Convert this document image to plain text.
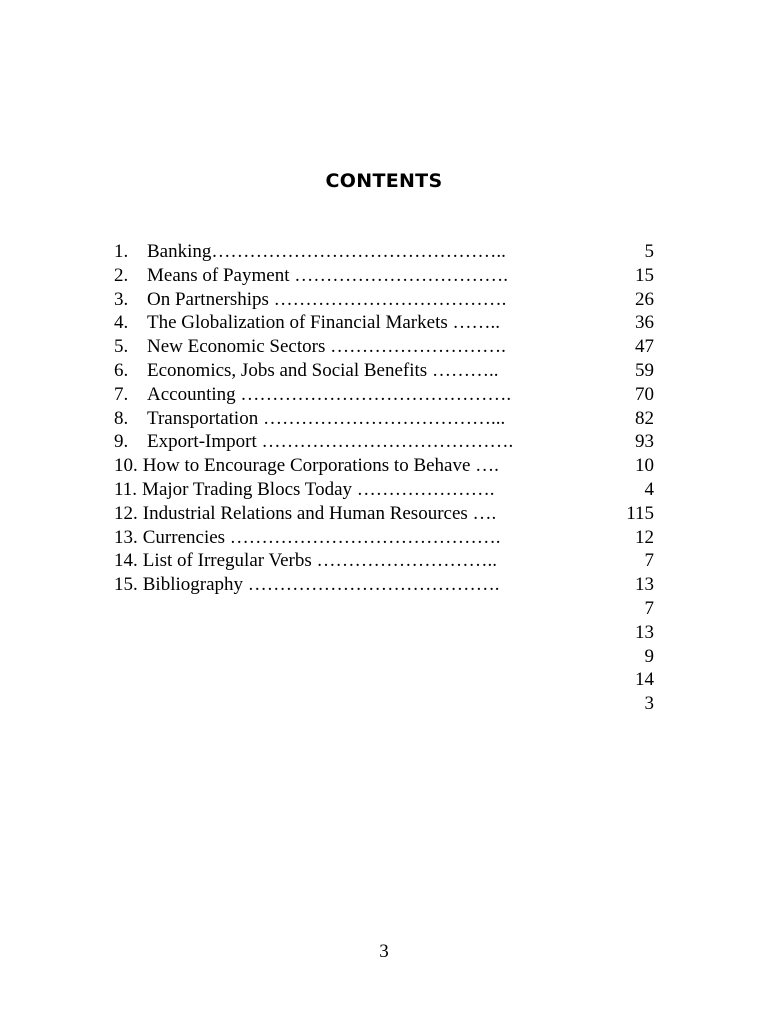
CONTENTS
1. Banking………………………………………..
2. Means of Payment …………………………….
3. On Partnerships ……………………………….
4. The Globalization of Financial Markets ……..
5. New Economic Sectors ……………………….
6. Economics, Jobs and Social Benefits ………..
7. Accounting …………………………………….
8. Transportation ………………………………...
9. Export-Import ………………………………….
10. How to Encourage Corporations to Behave ….
11. Major Trading Blocs Today ………………….
12. Industrial Relations and Human Resources ….
13. Currencies …………………………………….
14. List of Irregular Verbs ………………………..
15. Bibliography ………………………………….
5
15
26
36
47
59
70
82
93
10
4
115
12
7
13
7
13
9
14
3
3
